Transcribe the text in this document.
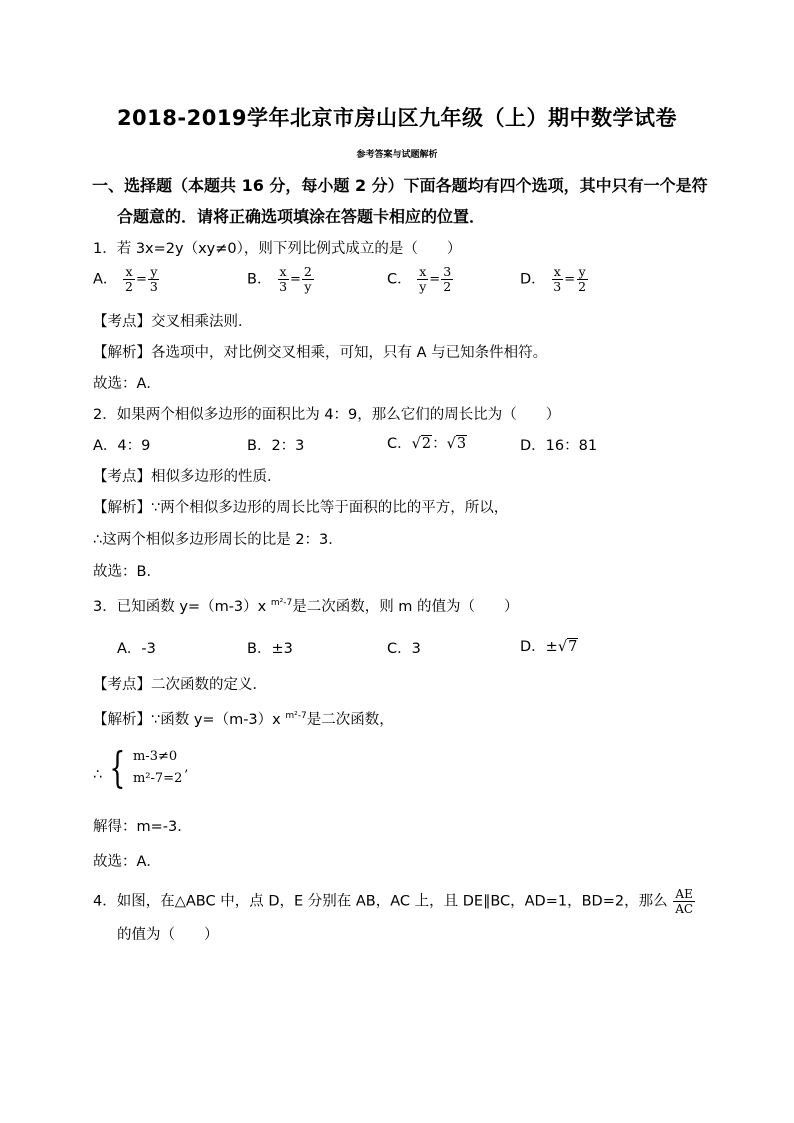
2018-2019学年北京市房山区九年级（上）期中数学试卷
参考答案与试题解析
一、选择题（本题共 16 分，每小题 2 分）下面各题均有四个选项，其中只有一个是符
合题意的．请将正确选项填涂在答题卡相应的位置．
1．若 3x=2y（xy≠0），则下列比例式成立的是（　　）
A． $\frac{x}{2} = \frac{y}{3}$	B． $\frac{x}{3} = \frac{2}{y}$	C． $\frac{x}{y} = \frac{3}{2}$	D． $\frac{x}{3} = \frac{y}{2}$
【考点】交叉相乘法则．
【解析】各选项中，对比例交叉相乘，可知，只有 A 与已知条件相符。
故选：A．
2．如果两个相似多边形的面积比为 4：9，那么它们的周长比为（　　）
A．4：9	B．2：3	C．√2：√3	D．16：81
【考点】相似多边形的性质．
【解析】∵两个相似多边形的周长比等于面积的比的平方，所以，
∴这两个相似多边形周长的比是 2：3．
故选：B．
3．已知函数 y=（m-3）x $^{m^2-7}$是二次函数，则 m 的值为（　　）
A．-3	B．±3	C．3	D．±√7
【考点】二次函数的定义．
【解析】∵函数 y=（m-3）x $^{m^2-7}$是二次函数，
∴ { m-3≠0
m²-7=2
,
解得：m=-3．
故选：A．
4．如图，在△ABC 中，点 D，E 分别在 AB，AC 上，且 DE∥BC，AD=1，BD=2，那么 $\frac{AE}{AC}$
的值为（　　）
